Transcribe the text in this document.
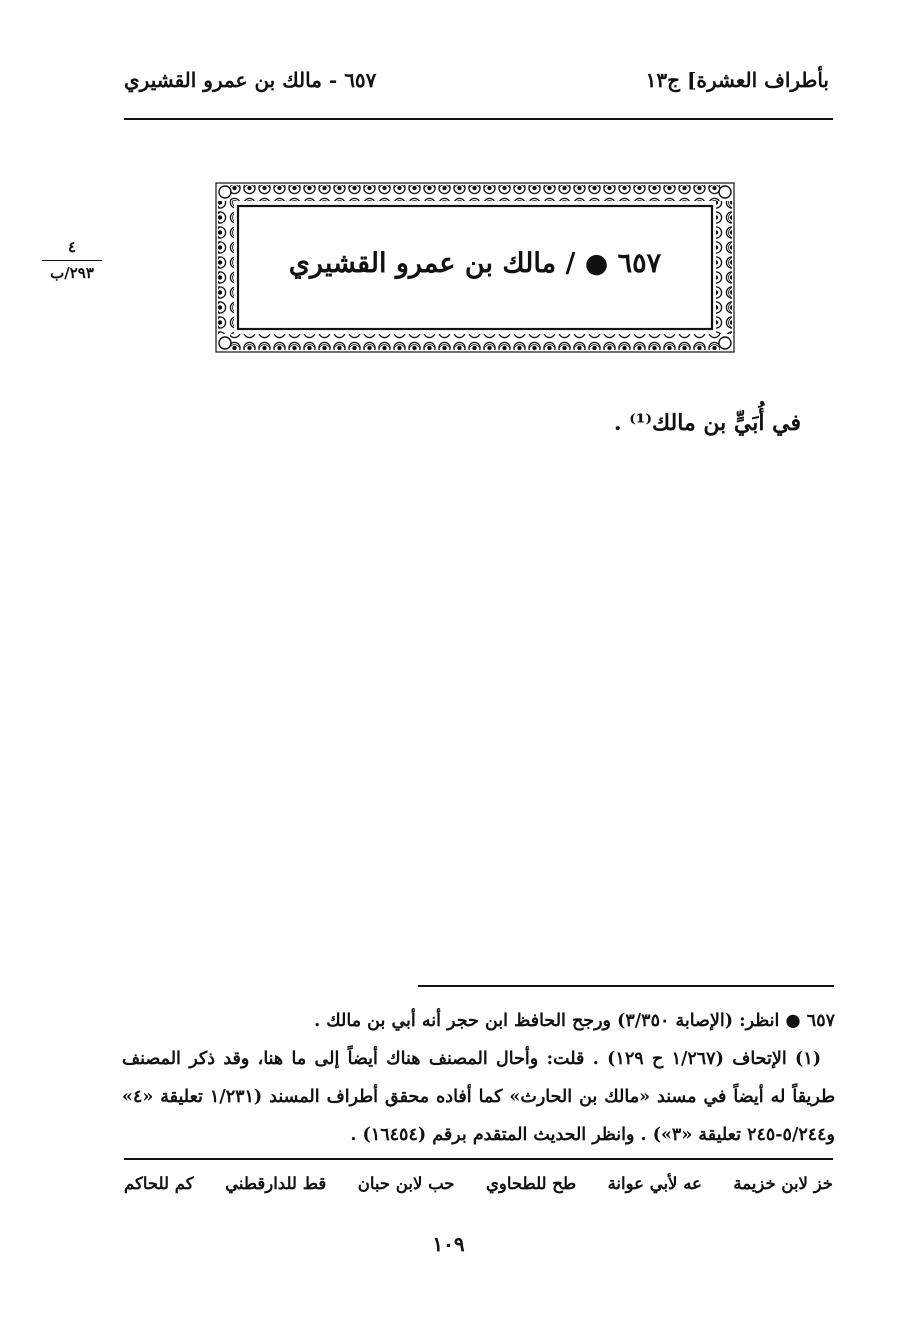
بأطراف العشرة] ج١٣
٦٥٧ - مالك بن عمرو القشيري
٤
٢٩٣/ب	٦٥٧ ● / مالك بن عمرو القشيري
في أُبَيٍّ بن مالك⁽¹⁾ .

٦٥٧ ● انظر: (الإصابة ٣/٣٥٠) ورجح الحافظ ابن حجر أنه أبي بن مالك .

(١) الإتحاف (١/٢٦٧ ح ١٢٩) . قلت: وأحال المصنف هناك أيضاً إلى ما هنا، وقد ذكر المصنف طريقاً له أيضاً في مسند «مالك بن الحارث» كما أفاده محقق أطراف المسند (١/٢٣١ تعليقة «٤» و٥/٢٤٤-٢٤٥ تعليقة «٣») . وانظر الحديث المتقدم برقم (١٦٤٥٤) .

خز لابن خزيمة
عه لأبي عوانة
طح للطحاوي
حب لابن حبان
قط للدارقطني
كم للحاكم
١٠٩
